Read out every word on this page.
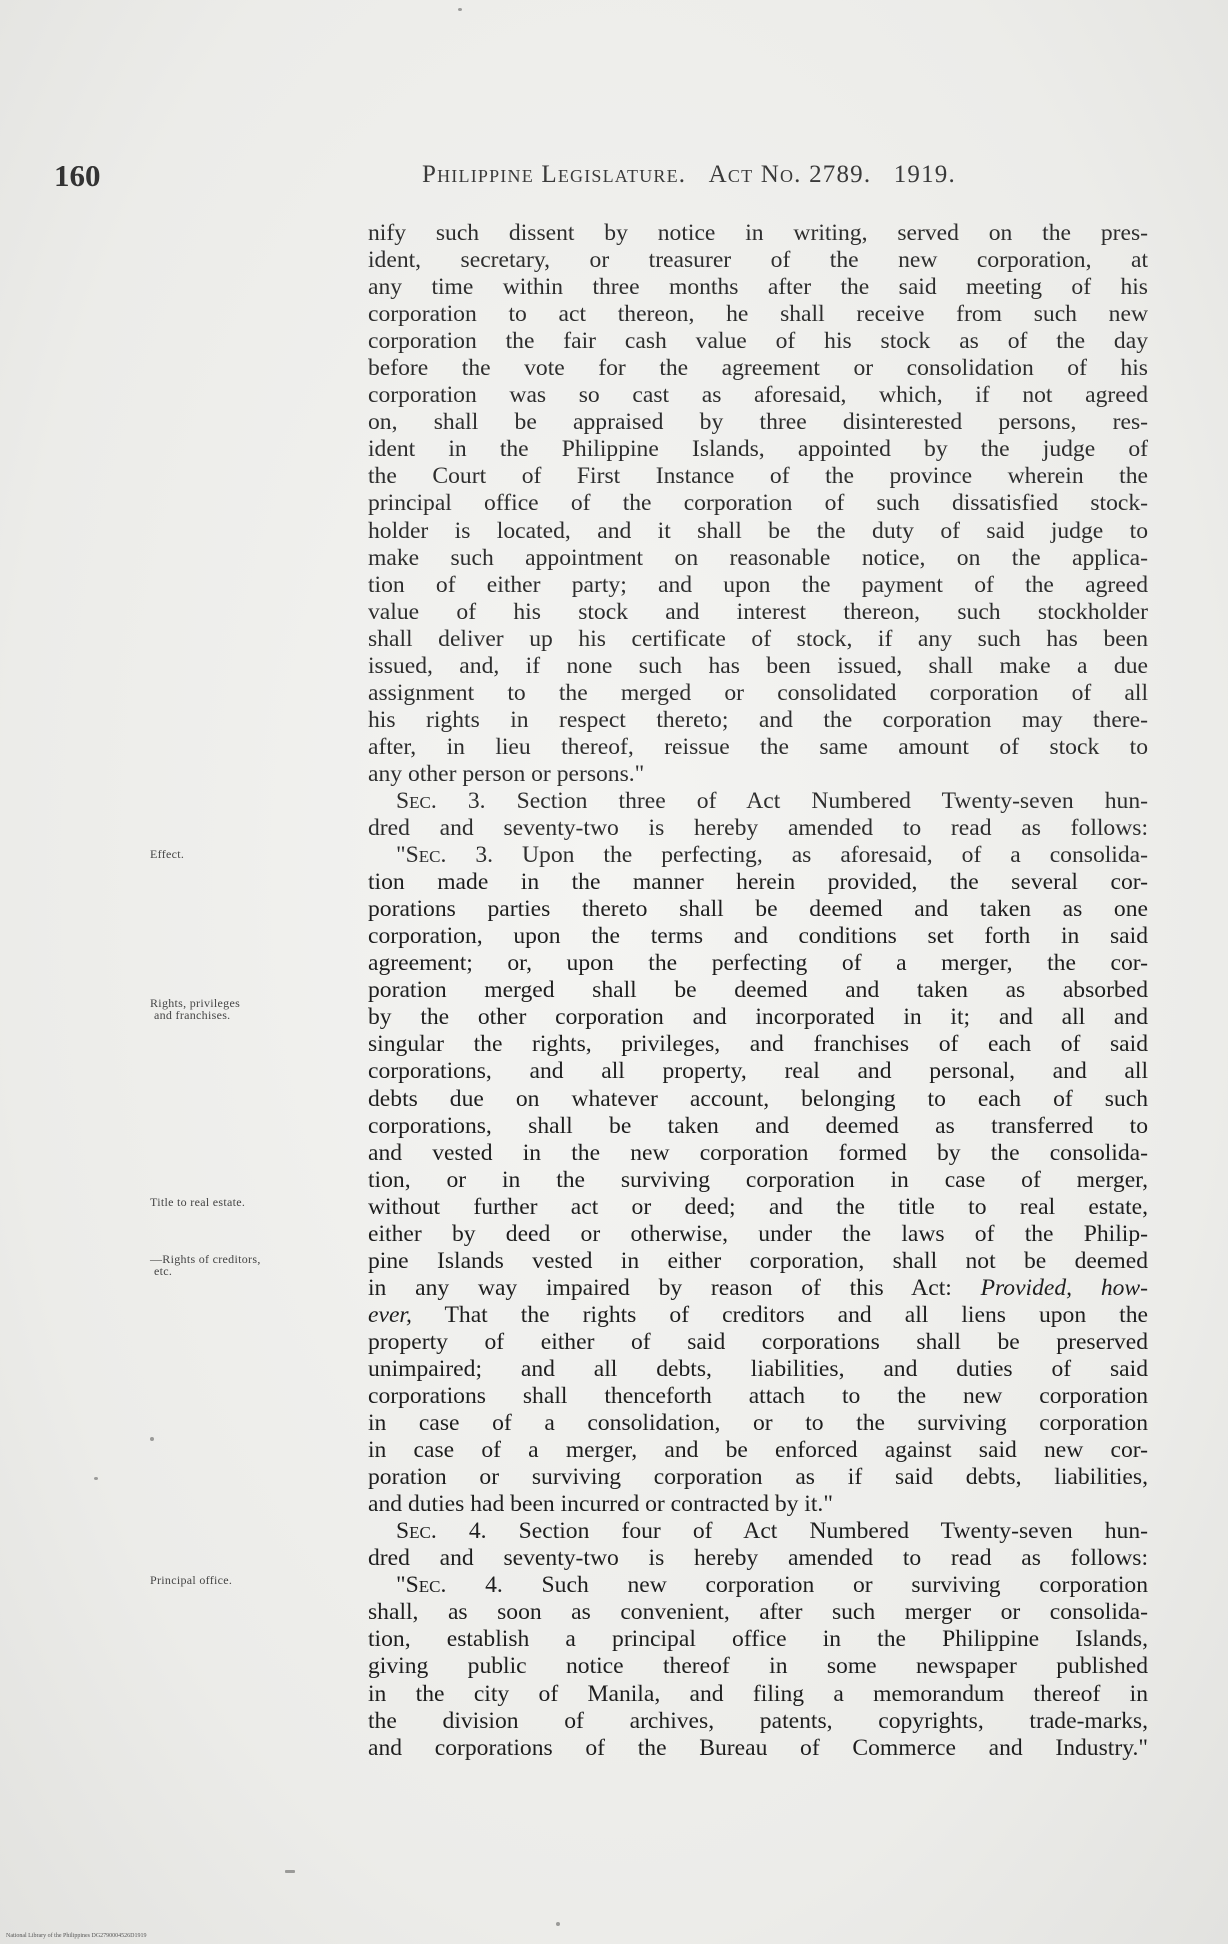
160	Philippine Legislature. Act No. 2789. 1919.
Effect.
Rights, privileges
and franchises.
Title to real estate.
—Rights of creditors,
etc.
Principal office.
nify such dissent by notice in writing, served on the pres-
ident, secretary, or treasurer of the new corporation, at
any time within three months after the said meeting of his
corporation to act thereon, he shall receive from such new
corporation the fair cash value of his stock as of the day
before the vote for the agreement or consolidation of his
corporation was so cast as aforesaid, which, if not agreed
on, shall be appraised by three disinterested persons, res-
ident in the Philippine Islands, appointed by the judge of
the Court of First Instance of the province wherein the
principal office of the corporation of such dissatisfied stock-
holder is located, and it shall be the duty of said judge to
make such appointment on reasonable notice, on the applica-
tion of either party; and upon the payment of the agreed
value of his stock and interest thereon, such stockholder
shall deliver up his certificate of stock, if any such has been
issued, and, if none such has been issued, shall make a due
assignment to the merged or consolidated corporation of all
his rights in respect thereto; and the corporation may there-
after, in lieu thereof, reissue the same amount of stock to
any other person or persons."
Sec. 3. Section three of Act Numbered Twenty-seven hun-
dred and seventy-two is hereby amended to read as follows:
"Sec. 3. Upon the perfecting, as aforesaid, of a consolida-
tion made in the manner herein provided, the several cor-
porations parties thereto shall be deemed and taken as one
corporation, upon the terms and conditions set forth in said
agreement; or, upon the perfecting of a merger, the cor-
poration merged shall be deemed and taken as absorbed
by the other corporation and incorporated in it; and all and
singular the rights, privileges, and franchises of each of said
corporations, and all property, real and personal, and all
debts due on whatever account, belonging to each of such
corporations, shall be taken and deemed as transferred to
and vested in the new corporation formed by the consolida-
tion, or in the surviving corporation in case of merger,
without further act or deed; and the title to real estate,
either by deed or otherwise, under the laws of the Philip-
pine Islands vested in either corporation, shall not be deemed
in any way impaired by reason of this Act: Provided, how-
ever, That the rights of creditors and all liens upon the
property of either of said corporations shall be preserved
unimpaired; and all debts, liabilities, and duties of said
corporations shall thenceforth attach to the new corporation
in case of a consolidation, or to the surviving corporation
in case of a merger, and be enforced against said new cor-
poration or surviving corporation as if said debts, liabilities,
and duties had been incurred or contracted by it."
Sec. 4. Section four of Act Numbered Twenty-seven hun-
dred and seventy-two is hereby amended to read as follows:
"Sec. 4. Such new corporation or surviving corporation
shall, as soon as convenient, after such merger or consolida-
tion, establish a principal office in the Philippine Islands,
giving public notice thereof in some newspaper published
in the city of Manila, and filing a memorandum thereof in
the division of archives, patents, copyrights, trade-marks,
and corporations of the Bureau of Commerce and Industry."
National Library of the Philippines DG2790004526D1919
